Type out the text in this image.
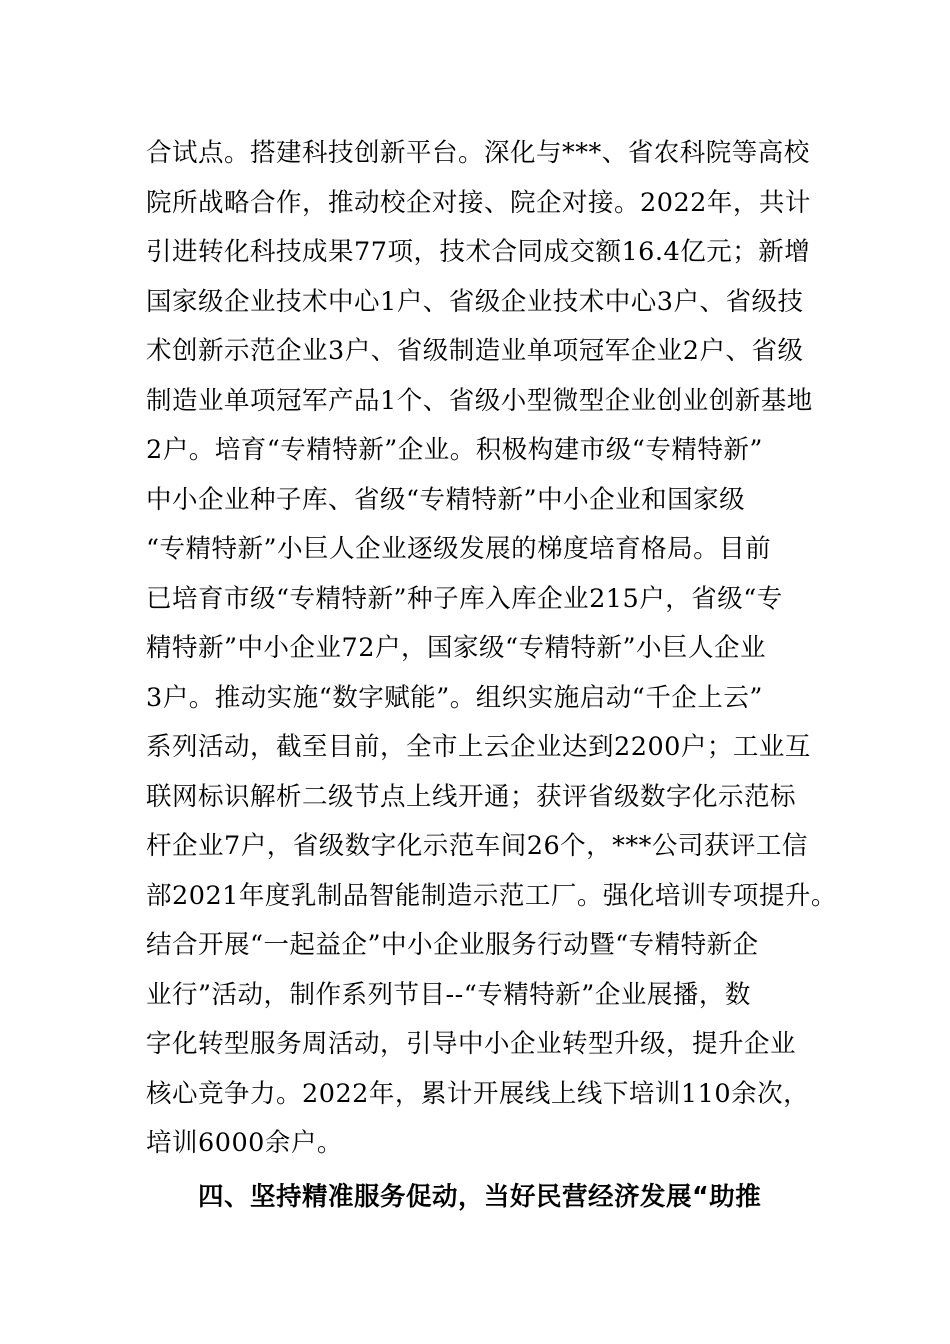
合试点。搭建科技创新平台。深化与***、省农科院等高校
院所战略合作，推动校企对接、院企对接。2022年，共计
引进转化科技成果77项，技术合同成交额16.4亿元；新增
国家级企业技术中心1户、省级企业技术中心3户、省级技
术创新示范企业3户、省级制造业单项冠军企业2户、省级
制造业单项冠军产品1个、省级小型微型企业创业创新基地
2户。培育“专精特新”企业。积极构建市级“专精特新”
中小企业种子库、省级“专精特新”中小企业和国家级
“专精特新”小巨人企业逐级发展的梯度培育格局。目前
已培育市级“专精特新”种子库入库企业215户，省级“专
精特新”中小企业72户，国家级“专精特新”小巨人企业
3户。推动实施“数字赋能”。组织实施启动“千企上云”
系列活动，截至目前，全市上云企业达到2200户；工业互
联网标识解析二级节点上线开通；获评省级数字化示范标
杆企业7户，省级数字化示范车间26个，***公司获评工信
部2021年度乳制品智能制造示范工厂。强化培训专项提升。
结合开展“一起益企”中小企业服务行动暨“专精特新企
业行”活动，制作系列节目--“专精特新”企业展播，数
字化转型服务周活动，引导中小企业转型升级，提升企业
核心竞争力。2022年，累计开展线上线下培训110余次，
培训6000余户。
四、坚持精准服务促动，当好民营经济发展“助推
